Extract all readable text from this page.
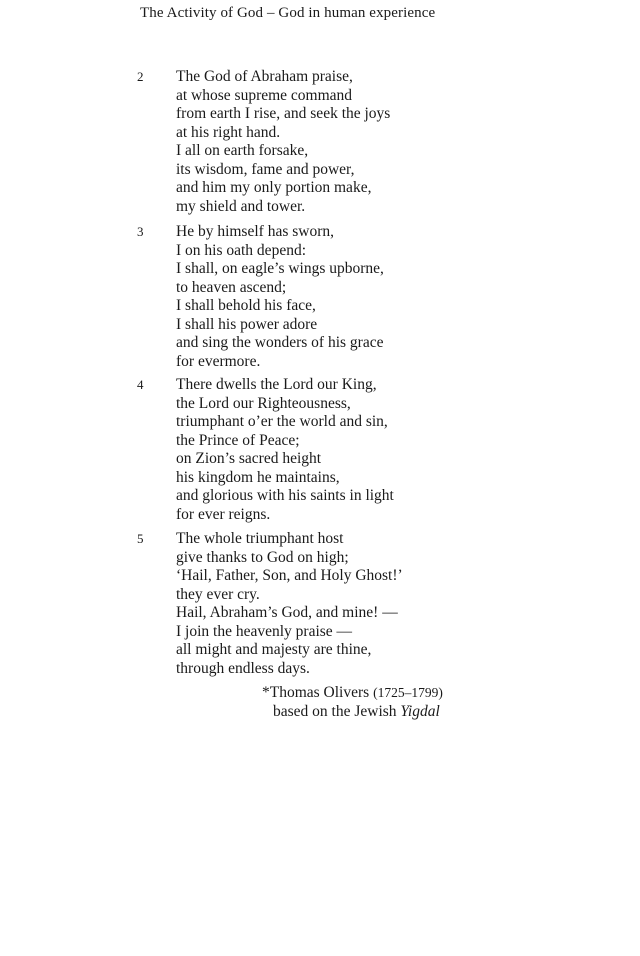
The Activity of God – God in human experience
2 The God of Abraham praise,
at whose supreme command
from earth I rise, and seek the joys
at his right hand.
I all on earth forsake,
its wisdom, fame and power,
and him my only portion make,
my shield and tower.
3 He by himself has sworn,
I on his oath depend:
I shall, on eagle’s wings upborne,
to heaven ascend;
I shall behold his face,
I shall his power adore
and sing the wonders of his grace
for evermore.
4 There dwells the Lord our King,
the Lord our Righteousness,
triumphant o’er the world and sin,
the Prince of Peace;
on Zion’s sacred height
his kingdom he maintains,
and glorious with his saints in light
for ever reigns.
5 The whole triumphant host
give thanks to God on high;
‘Hail, Father, Son, and Holy Ghost!’
they ever cry.
Hail, Abraham’s God, and mine! —
I join the heavenly praise —
all might and majesty are thine,
through endless days.
*Thomas Olivers (1725–1799)
based on the Jewish Yigdal
